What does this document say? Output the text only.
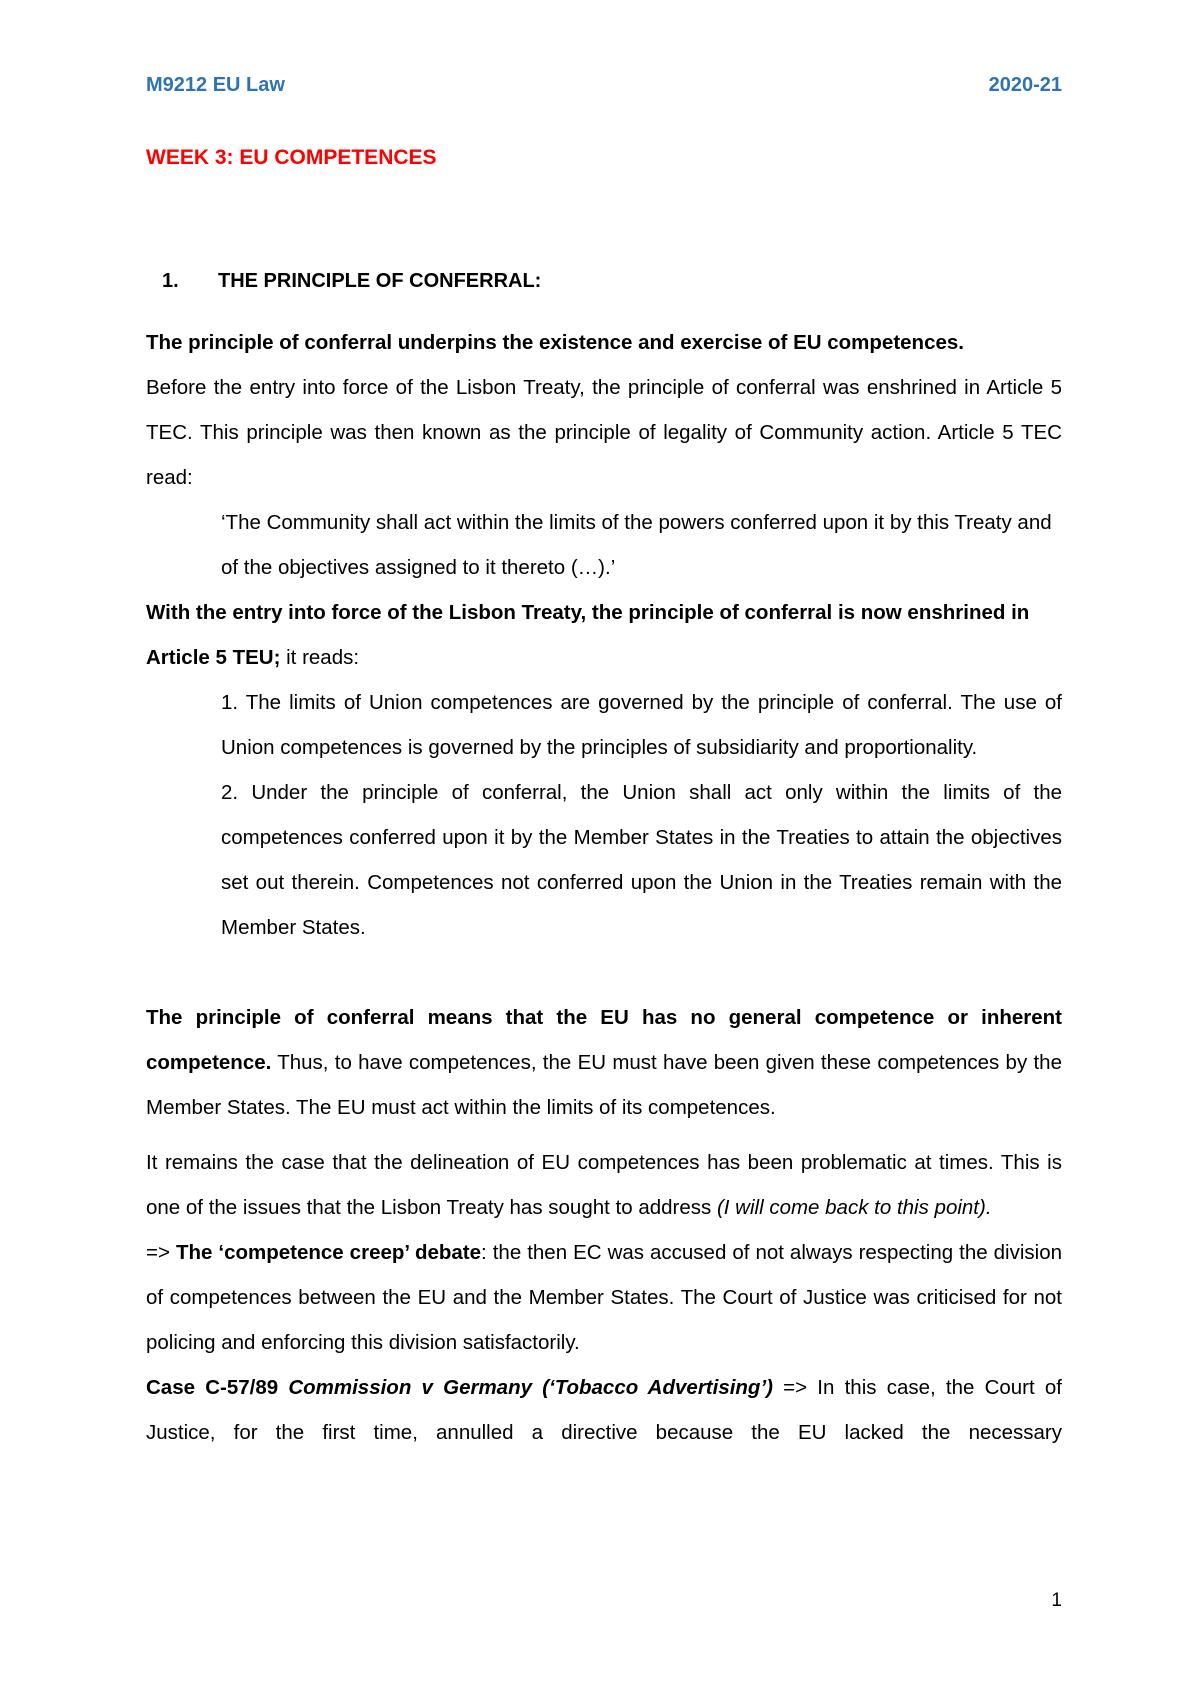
M9212 EU Law	2020-21
WEEK 3: EU COMPETENCES
1. THE PRINCIPLE OF CONFERRAL:

The principle of conferral underpins the existence and exercise of EU competences.

Before the entry into force of the Lisbon Treaty, the principle of conferral was enshrined in Article 5 TEC. This principle was then known as the principle of legality of Community action. Article 5 TEC read:

‘The Community shall act within the limits of the powers conferred upon it by this Treaty and of the objectives assigned to it thereto (…).’

With the entry into force of the Lisbon Treaty, the principle of conferral is now enshrined in Article 5 TEU; it reads:

1. The limits of Union competences are governed by the principle of conferral. The use of Union competences is governed by the principles of subsidiarity and proportionality.

2. Under the principle of conferral, the Union shall act only within the limits of the competences conferred upon it by the Member States in the Treaties to attain the objectives set out therein. Competences not conferred upon the Union in the Treaties remain with the Member States.

The principle of conferral means that the EU has no general competence or inherent competence. Thus, to have competences, the EU must have been given these competences by the Member States. The EU must act within the limits of its competences.

It remains the case that the delineation of EU competences has been problematic at times. This is one of the issues that the Lisbon Treaty has sought to address (I will come back to this point).

=> The ‘competence creep’ debate: the then EC was accused of not always respecting the division of competences between the EU and the Member States. The Court of Justice was criticised for not policing and enforcing this division satisfactorily.

Case C-57/89 Commission v Germany (‘Tobacco Advertising’) => In this case, the Court of Justice, for the first time, annulled a directive because the EU lacked the necessary

1
